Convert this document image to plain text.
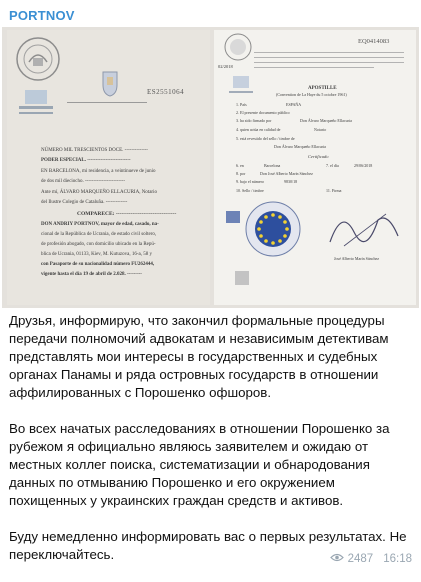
PORTNOV
ES2551064
NÚMERO MIL TRESCIENTOS DOCE. --------------
PODER ESPECIAL. --------------------------
EN BARCELONA, mi residencia, a veintinueve de junio
de dos mil dieciocho. ------------------------
Ante mí, ÁLVARO MARQUEÑO ELLACURIA, Notario
del Ilustre Colegio de Cataluña. -------------
COMPARECE: ---------------------------------
DON ANDRIY PORTNOV, mayor de edad, casado, na-
cional de la República de Ucrania, de estado civil soltero,
de profesión abogado, con domicilio ubicado en la Repú-
blica de Ucrania, 01133, Kiev, M. Kutuzova, 16-a, 58 y
con Pasaporte de su nacionalidad número FU262444,
vigente hasta el día 19 de abril de 2.028. ---------
EQ0414083
02/2018
APOSTILLE
(Convention de La Haye du 5 octobre 1961)
1. País	ESPAÑA
2. El presente documento público
3. ha sido firmado por	Don Álvaro Marqueño Ellacuria
4. quien actúa en calidad de	Notario
5. está revestido del sello / timbre de
Don Álvaro Marqueño Ellacuria
Certificado
6. en	Barcelona	7. el día	29/06/2018
8. por	Don José Alberto Marín Sánchez
9. bajo el número	9830/18
10. Sello / timbre	11. Firma
José Alberto Marín Sánchez

Друзья, информирую, что закончил формальные процедуры передачи полномочий адвокатам и независимым детективам представлять мои интересы в государственных и судебных органах Панамы и ряда островных государств в отношении аффилированных с Порошенко офшоров.

Во всех начатых расследованиях в отношении Порошенко за рубежом я официально являюсь заявителем и ожидаю от местных коллег поиска, систематизации и обнародования данных по отмыванию Порошенко и его окружением похищенных у украинских граждан средств и активов.

Буду немедленно информировать вас о первых результатах. Не переключайтесь.	2487 16:18
